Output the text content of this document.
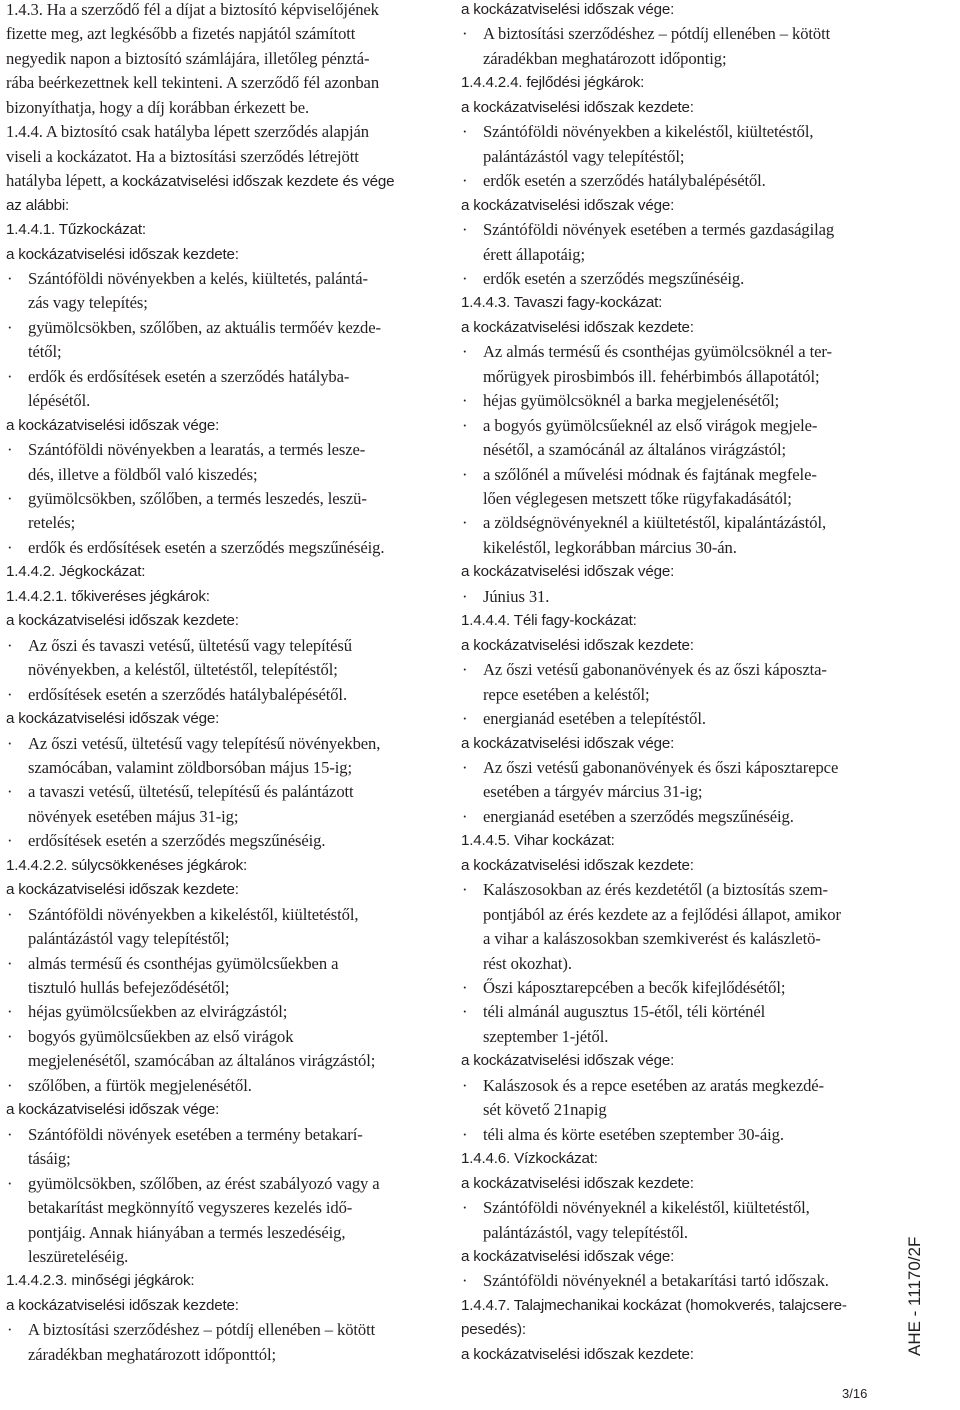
1.4.3. Ha a szerződő fél a díjat a biztosító képviselőjének
fizette meg, azt legkésőbb a fizetés napjától számított
negyedik napon a biztosító számlájára, illetőleg pénztá-
rába beérkezettnek kell tekinteni. A szerződő fél azonban
bizonyíthatja, hogy a díj korábban érkezett be.
1.4.4. A biztosító csak hatályba lépett szerződés alapján
viseli a kockázatot. Ha a biztosítási szerződés létrejött
hatályba lépett, a kockázatviselési időszak kezdete és vége
az alábbi:
1.4.4.1. Tűzkockázat:
a kockázatviselési időszak kezdete:
· Szántóföldi növényekben a kelés, kiültetés, palántá-
zás vagy telepítés;
· gyümölcsökben, szőlőben, az aktuális termőév kezde-
tétől;
· erdők és erdősítések esetén a szerződés hatályba-
lépésétől.
a kockázatviselési időszak vége:
· Szántóföldi növényekben a learatás, a termés lesze-
dés, illetve a földből való kiszedés;
· gyümölcsökben, szőlőben, a termés leszedés, leszü-
retelés;
· erdők és erdősítések esetén a szerződés megszűnéséig.
1.4.4.2. Jégkockázat:
1.4.4.2.1. tőkiveréses jégkárok:
a kockázatviselési időszak kezdete:
· Az őszi és tavaszi vetésű, ültetésű vagy telepítésű
növényekben, a keléstől, ültetéstől, telepítéstől;
· erdősítések esetén a szerződés hatálybalépésétől.
a kockázatviselési időszak vége:
· Az őszi vetésű, ültetésű vagy telepítésű növényekben,
szamócában, valamint zöldborsóban május 15-ig;
· a tavaszi vetésű, ültetésű, telepítésű és palántázott
növények esetében május 31-ig;
· erdősítések esetén a szerződés megszűnéséig.
1.4.4.2.2. súlycsökkenéses jégkárok:
a kockázatviselési időszak kezdete:
· Szántóföldi növényekben a kikeléstől, kiültetéstől,
palántázástól vagy telepítéstől;
· almás termésű és csonthéjas gyümölcsűekben a
tisztuló hullás befejeződésétől;
· héjas gyümölcsűekben az elvirágzástól;
· bogyós gyümölcsűekben az első virágok
megjelenésétől, szamócában az általános virágzástól;
· szőlőben, a fürtök megjelenésétől.
a kockázatviselési időszak vége:
· Szántóföldi növények esetében a termény betakarí-
tásáig;
· gyümölcsökben, szőlőben, az érést szabályozó vagy a
betakarítást megkönnyítő vegyszeres kezelés idő-
pontjáig. Annak hiányában a termés leszedéséig,
leszüreteléséig.
1.4.4.2.3. minőségi jégkárok:
a kockázatviselési időszak kezdete:
· A biztosítási szerződéshez – pótdíj ellenében – kötött
záradékban meghatározott időponttól;
a kockázatviselési időszak vége:
· A biztosítási szerződéshez – pótdíj ellenében – kötött
záradékban meghatározott időpontig;
1.4.4.2.4. fejlődési jégkárok:
a kockázatviselési időszak kezdete:
· Szántóföldi növényekben a kikeléstől, kiültetéstől,
palántázástól vagy telepítéstől;
· erdők esetén a szerződés hatálybalépésétől.
a kockázatviselési időszak vége:
· Szántóföldi növények esetében a termés gazdaságilag
érett állapotáig;
· erdők esetén a szerződés megszűnéséig.
1.4.4.3. Tavaszi fagy-kockázat:
a kockázatviselési időszak kezdete:
· Az almás termésű és csonthéjas gyümölcsöknél a ter-
mőrügyek pirosbimbós ill. fehérbimbós állapotától;
· héjas gyümölcsöknél a barka megjelenésétől;
· a bogyós gyümölcsűeknél az első virágok megjele-
nésétől, a szamócánál az általános virágzástól;
· a szőlőnél a művelési módnak és fajtának megfele-
lően véglegesen metszett tőke rügyfakadásától;
· a zöldségnövényeknél a kiültetéstől, kipalántázástól,
kikeléstől, legkorábban március 30-án.
a kockázatviselési időszak vége:
· Június 31.
1.4.4.4. Téli fagy-kockázat:
a kockázatviselési időszak kezdete:
· Az őszi vetésű gabonanövények és az őszi káposzta-
repce esetében a keléstől;
· energianád esetében a telepítéstől.
a kockázatviselési időszak vége:
· Az őszi vetésű gabonanövények és őszi káposztarepce
esetében a tárgyév március 31-ig;
· energianád esetében a szerződés megszűnéséig.
1.4.4.5. Vihar kockázat:
a kockázatviselési időszak kezdete:
· Kalászosokban az érés kezdetétől (a biztosítás szem-
pontjából az érés kezdete az a fejlődési állapot, amikor
a vihar a kalászosokban szemkiverést és kalászletö-
rést okozhat).
· Őszi káposztarepcében a becők kifejlődésétől;
· téli almánál augusztus 15-étől, téli körténél
szeptember 1-jétől.
a kockázatviselési időszak vége:
· Kalászosok és a repce esetében az aratás megkezdé-
sét követő 21napig
· téli alma és körte esetében szeptember 30-áig.
1.4.4.6. Vízkockázat:
a kockázatviselési időszak kezdete:
· Szántóföldi növényeknél a kikeléstől, kiültetéstől,
palántázástól, vagy telepítéstől.
a kockázatviselési időszak vége:
· Szántóföldi növényeknél a betakarítási tartó időszak.
1.4.4.7. Talajmechanikai kockázat (homokverés, talajcsere-
pesedés):
a kockázatviselési időszak kezdete:	AHE - 11170/2F
3/16
